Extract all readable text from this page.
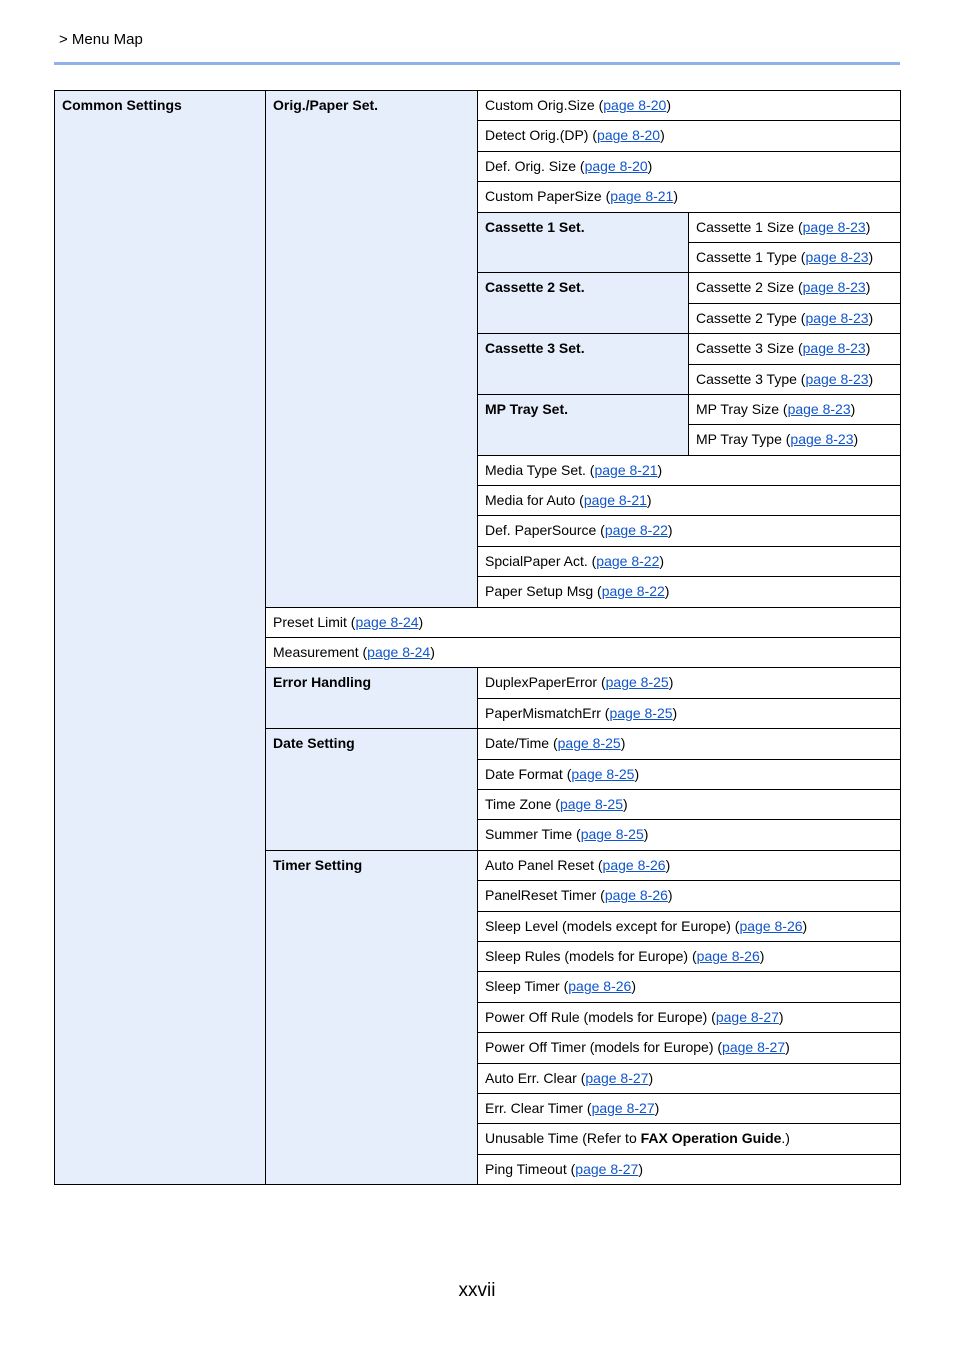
> Menu Map
Common Settings	Orig./Paper Set.	Custom Orig.Size (page 8-20)	
		Detect Orig.(DP) (page 8-20)	
		Def. Orig. Size (page 8-20)	
		Custom PaperSize (page 8-21)	
		Cassette 1 Set.	Cassette 1 Size (page 8-23)
			Cassette 1 Type (page 8-23)
		Cassette 2 Set.	Cassette 2 Size (page 8-23)
			Cassette 2 Type (page 8-23)
		Cassette 3 Set.	Cassette 3 Size (page 8-23)
			Cassette 3 Type (page 8-23)
		MP Tray Set.	MP Tray Size (page 8-23)
			MP Tray Type (page 8-23)
		Media Type Set. (page 8-21)	
		Media for Auto (page 8-21)	
		Def. PaperSource (page 8-22)	
		SpcialPaper Act. (page 8-22)	
		Paper Setup Msg (page 8-22)	
	Preset Limit (page 8-24)		
	Measurement (page 8-24)		
	Error Handling	DuplexPaperError (page 8-25)	
		PaperMismatchErr (page 8-25)	
	Date Setting	Date/Time (page 8-25)	
		Date Format (page 8-25)	
		Time Zone (page 8-25)	
		Summer Time (page 8-25)	
	Timer Setting	Auto Panel Reset (page 8-26)	
		PanelReset Timer (page 8-26)	
		Sleep Level (models except for Europe) (page 8-26)	
		Sleep Rules (models for Europe) (page 8-26)	
		Sleep Timer (page 8-26)	
		Power Off Rule (models for Europe) (page 8-27)	
		Power Off Timer (models for Europe) (page 8-27)	
		Auto Err. Clear (page 8-27)	
		Err. Clear Timer (page 8-27)	
		Unusable Time (Refer to FAX Operation Guide.)	
		Ping Timeout (page 8-27)	
xxvii
